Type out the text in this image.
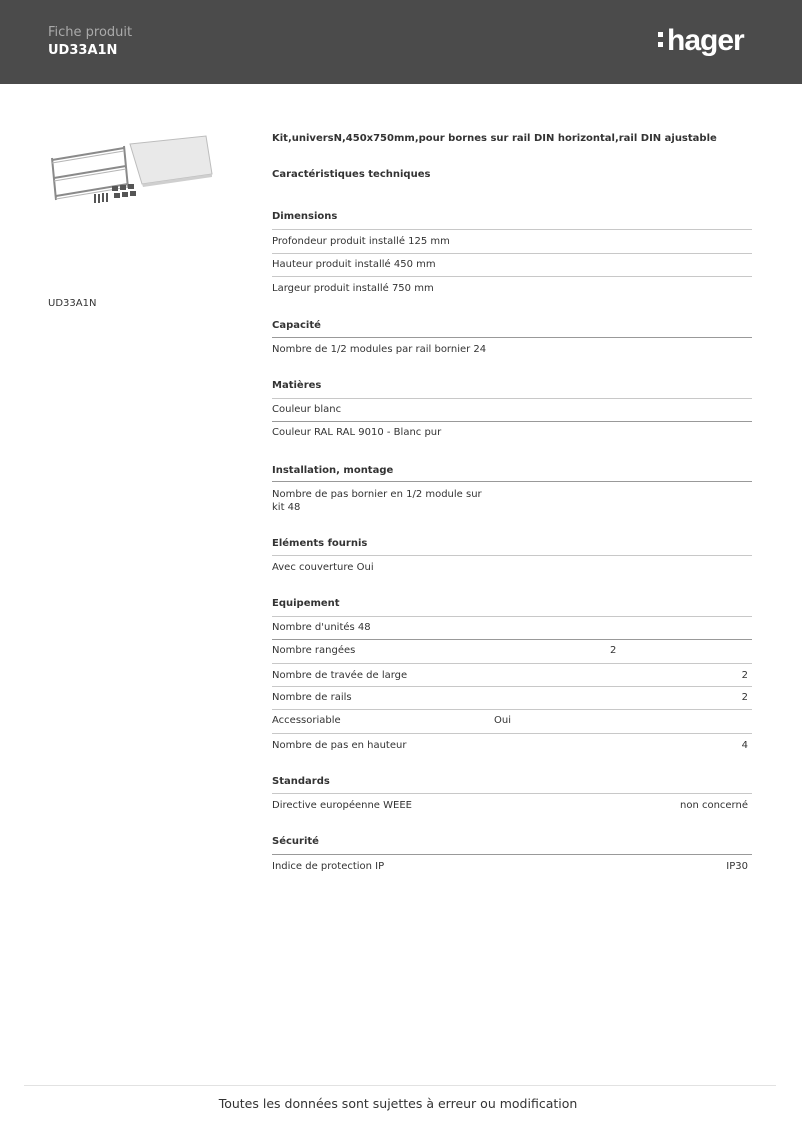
Fiche produit
UD33A1N	hager
UD33A1N
Kit,universN,450x750mm,pour bornes sur rail DIN horizontal,rail DIN ajustable
Caractéristiques techniques
Dimensions
Profondeur produit installé 125 mm
Hauteur produit installé 450 mm
Largeur produit installé 750 mm
Capacité
Nombre de 1/2 modules par rail bornier 24
Matières
Couleur blanc
Couleur RAL RAL 9010 - Blanc pur
Installation, montage
Nombre de pas bornier en 1/2 module sur kit 48
Eléments fournis
Avec couverture Oui
Equipement
Nombre d'unités 48
Nombre rangées	2
Nombre de travée de large	2
Nombre de rails	2
Accessoriable	Oui
Nombre de pas en hauteur	4
Standards
Directive européenne WEEE	non concerné
Sécurité
Indice de protection IP	IP30
Toutes les données sont sujettes à erreur ou modification
